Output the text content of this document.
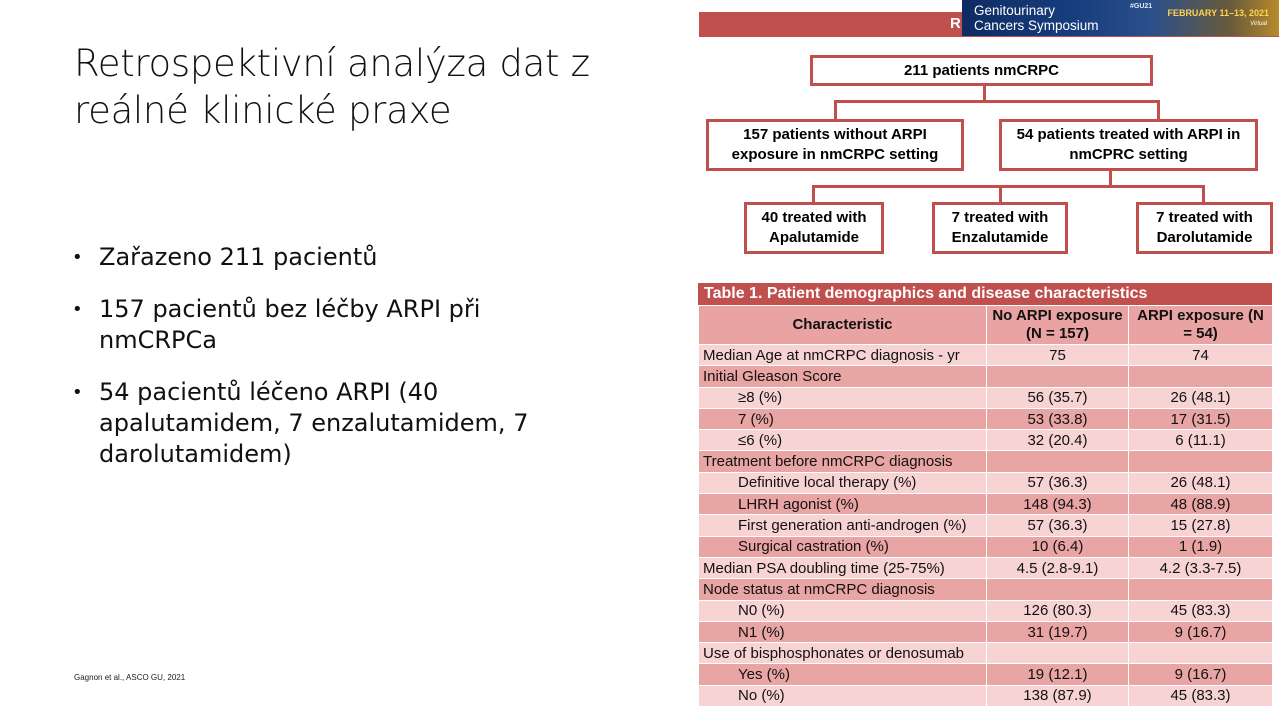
Retrospektivní analýza dat z
reálné klinické praxe
• Zařazeno 211 pacientů
• 157 pacientů bez léčby ARPI při nmCRPCa
• 54 pacientů léčeno ARPI (40 apalutamidem, 7 enzalutamidem, 7 darolutamidem)
Gagnon et al., ASCO GU, 2021
R
Genitourinary
Cancers Symposium
#GU21
FEBRUARY 11–13, 2021
Virtual
211 patients nmCRPC
157 patients without ARPI exposure in nmCRPC setting
54 patients treated with ARPI in nmCPRC setting
40 treated with Apalutamide
7 treated with Enzalutamide
7 treated with Darolutamide
Table 1. Patient demographics and disease characteristics
Characteristic	No ARPI exposure (N = 157)	ARPI exposure (N = 54)
Median Age at nmCRPC diagnosis - yr	75	74
Initial Gleason Score		
≥8 (%)	56 (35.7)	26 (48.1)
7 (%)	53 (33.8)	17 (31.5)
≤6 (%)	32 (20.4)	6 (11.1)
Treatment before nmCRPC diagnosis		
Definitive local therapy (%)	57 (36.3)	26 (48.1)
LHRH agonist (%)	148 (94.3)	48 (88.9)
First generation anti-androgen (%)	57 (36.3)	15 (27.8)
Surgical castration (%)	10 (6.4)	1 (1.9)
Median PSA doubling time (25-75%)	4.5 (2.8-9.1)	4.2 (3.3-7.5)
Node status at nmCRPC diagnosis		
N0 (%)	126 (80.3)	45 (83.3)
N1 (%)	31 (19.7)	9 (16.7)
Use of bisphosphonates or denosumab		
Yes (%)	19 (12.1)	9 (16.7)
No (%)	138 (87.9)	45 (83.3)
